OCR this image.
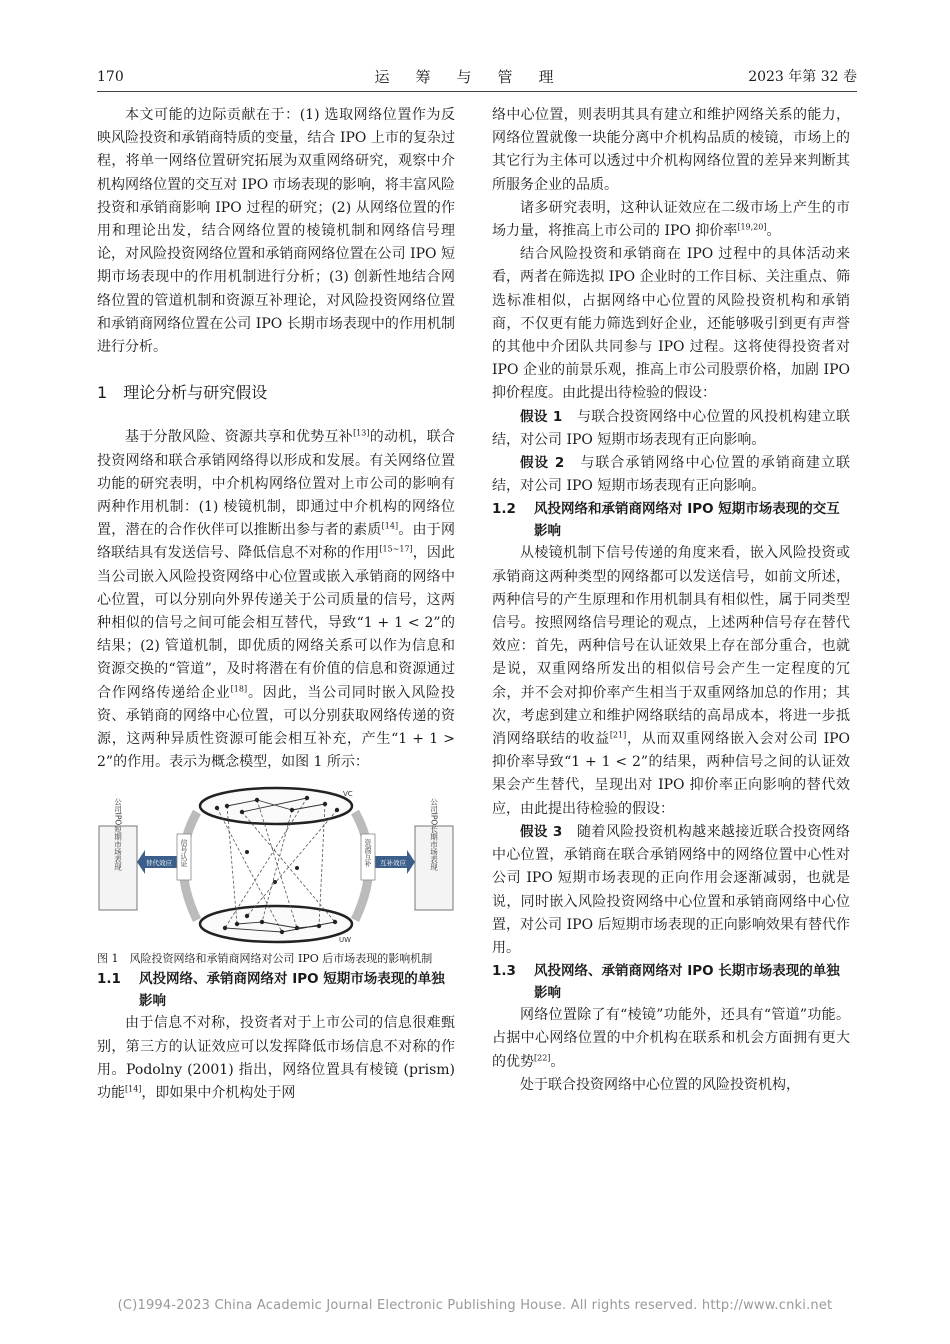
170	运筹与管理	2023 年第 32 卷

本文可能的边际贡献在于：(1) 选取网络位置作为反映风险投资和承销商特质的变量，结合 IPO 上市的复杂过程，将单一网络位置研究拓展为双重网络研究，观察中介机构网络位置的交互对 IPO 市场表现的影响，将丰富风险投资和承销商影响 IPO 过程的研究；(2) 从网络位置的作用和理论出发，结合网络位置的棱镜机制和网络信号理论，对风险投资网络位置和承销商网络位置在公司 IPO 短期市场表现中的作用机制进行分析；(3) 创新性地结合网络位置的管道机制和资源互补理论，对风险投资网络位置和承销商网络位置在公司 IPO 长期市场表现中的作用机制进行分析。

1 理论分析与研究假设

基于分散风险、资源共享和优势互补[13]的动机，联合投资网络和联合承销网络得以形成和发展。有关网络位置功能的研究表明，中介机构网络位置对上市公司的影响有两种作用机制：(1) 棱镜机制，即通过中介机构的网络位置，潜在的合作伙伴可以推断出参与者的素质[14]。由于网络联结具有发送信号、降低信息不对称的作用[15~17]，因此当公司嵌入风险投资网络中心位置或嵌入承销商的网络中心位置，可以分别向外界传递关于公司质量的信号，这两种相似的信号之间可能会相互替代，导致“1 + 1 < 2”的结果；(2) 管道机制，即优质的网络关系可以作为信息和资源交换的“管道”，及时将潜在有价值的信息和资源通过合作网络传递给企业[18]。因此，当公司同时嵌入风险投资、承销商的网络中心位置，可以分别获取网络传递的资源，这两种异质性资源可能会相互补充，产生“1 + 1 > 2”的作用。表示为概念模型，如图 1 所示：

公司IPO短期市场表现	公司IPO长期市场表现
替代效应	互补效应
信号认证	资源互补
VC
UW

图 1　风险投资网络和承销商网络对公司 IPO 后市场表现的影响机制

1.1	风投网络、承销商网络对 IPO 短期市场表现的单独影响

由于信息不对称，投资者对于上市公司的信息很难甄别，第三方的认证效应可以发挥降低市场信息不对称的作用。Podolny (2001) 指出，网络位置具有棱镜 (prism) 功能[14]，即如果中介机构处于网

络中心位置，则表明其具有建立和维护网络关系的能力，网络位置就像一块能分离中介机构品质的棱镜，市场上的其它行为主体可以透过中介机构网络位置的差异来判断其所服务企业的品质。

诸多研究表明，这种认证效应在二级市场上产生的市场力量，将推高上市公司的 IPO 抑价率[19,20]。

结合风险投资和承销商在 IPO 过程中的具体活动来看，两者在筛选拟 IPO 企业时的工作目标、关注重点、筛选标准相似，占据网络中心位置的风险投资机构和承销商，不仅更有能力筛选到好企业，还能够吸引到更有声誉的其他中介团队共同参与 IPO 过程。这将使得投资者对 IPO 企业的前景乐观，推高上市公司股票价格，加剧 IPO 抑价程度。由此提出待检验的假设：

假设 1　 与联合投资网络中心位置的风投机构建立联结，对公司 IPO 短期市场表现有正向影响。

假设 2　 与联合承销网络中心位置的承销商建立联结，对公司 IPO 短期市场表现有正向影响。

1.2	风投网络和承销商网络对 IPO 短期市场表现的交互影响

从棱镜机制下信号传递的角度来看，嵌入风险投资或承销商这两种类型的网络都可以发送信号，如前文所述，两种信号的产生原理和作用机制具有相似性，属于同类型信号。按照网络信号理论的观点，上述两种信号存在替代效应：首先，两种信号在认证效果上存在部分重合，也就是说，双重网络所发出的相似信号会产生一定程度的冗余，并不会对抑价率产生相当于双重网络加总的作用；其次，考虑到建立和维护网络联结的高昂成本，将进一步抵消网络联结的收益[21]，从而双重网络嵌入会对公司 IPO 抑价率导致“1 + 1 < 2”的结果，两种信号之间的认证效果会产生替代，呈现出对 IPO 抑价率正向影响的替代效应，由此提出待检验的假设：

假设 3　 随着风险投资机构越来越接近联合投资网络中心位置，承销商在联合承销网络中的网络位置中心性对公司 IPO 短期市场表现的正向作用会逐渐减弱，也就是说，同时嵌入风险投资网络中心位置和承销商网络中心位置，对公司 IPO 后短期市场表现的正向影响效果有替代作用。

1.3	风投网络、承销商网络对 IPO 长期市场表现的单独影响

网络位置除了有“棱镜”功能外，还具有“管道”功能。占据中心网络位置的中介机构在联系和机会方面拥有更大的优势[22]。

处于联合投资网络中心位置的风险投资机构，

(C)1994-2023 China Academic Journal Electronic Publishing House. All rights reserved. http://www.cnki.net
